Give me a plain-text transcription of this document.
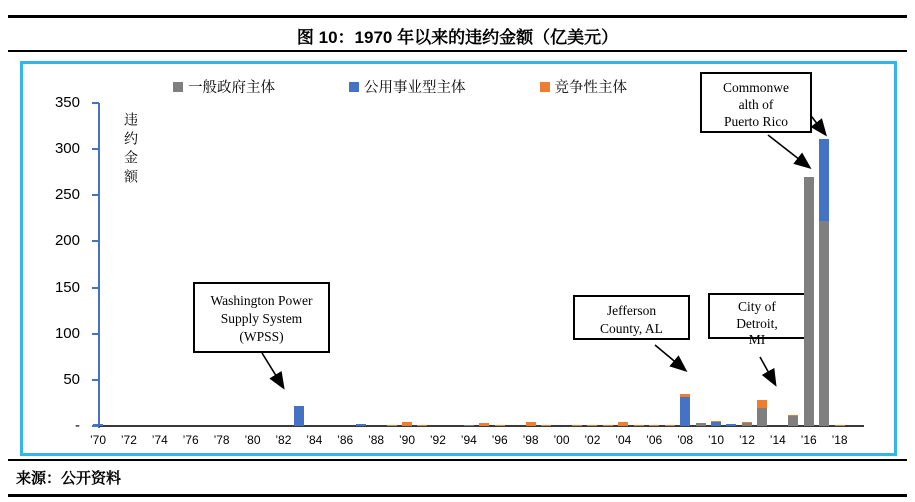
图 10：1970 年以来的违约金额（亿美元）
违约金额
一般政府主体	公用事业型主体	竞争性主体
Washington Power
Supply System
(WPSS)
Jefferson
County, AL
City of
Detroit,
MI
Commonwe
alth of
Puerto Rico
-
50
100
150
200
250
300
350
’70	’72	’74	’76	’78	’80	’82	’84	’86	’88	’90	’92	’94	’96	’98	’00	’02	’04	’06	’08	’10	’12	’14	’16	’18
来源：公开资料
